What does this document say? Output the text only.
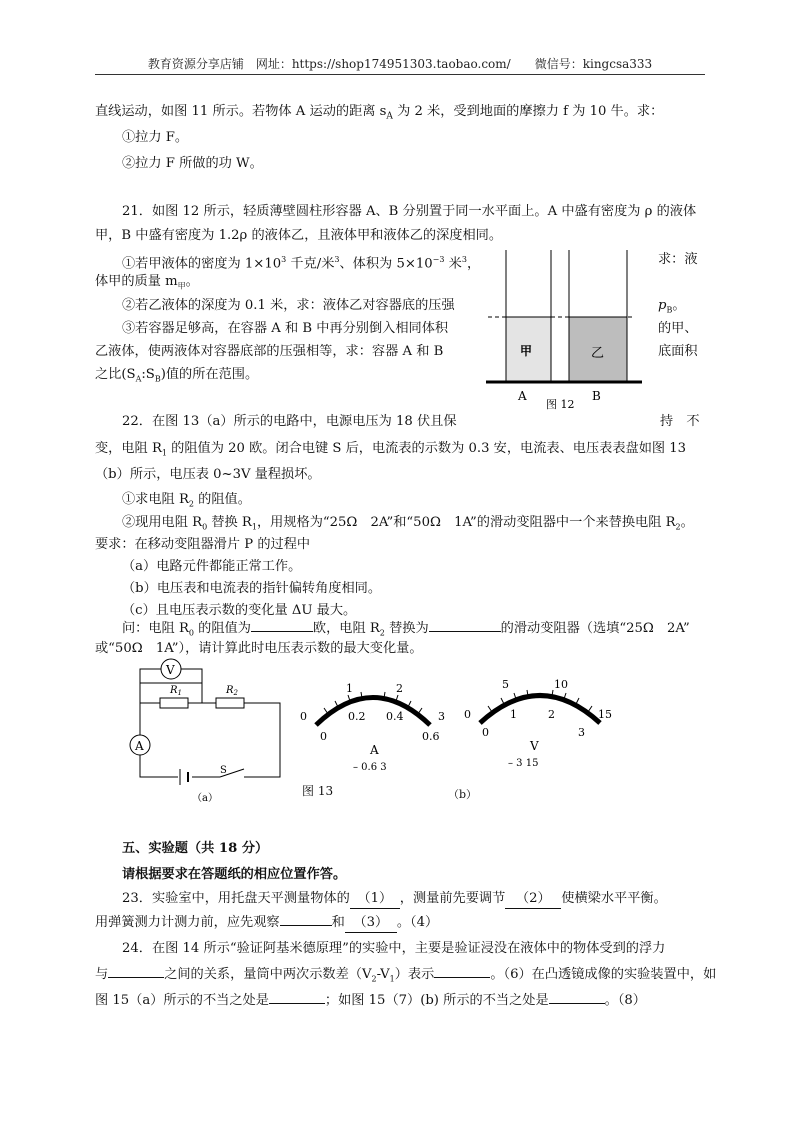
教育资源分享店铺　网址：https://shop174951303.taobao.com/　　微信号：kingcsa333
直线运动，如图 11 所示。若物体 A 运动的距离 $s_A$ 为 2 米，受到地面的摩擦力 f 为 10 牛。求：
①拉力 F。
②拉力 F 所做的功 W。
21．如图 12 所示，轻质薄壁圆柱形容器 A、B 分别置于同一水平面上。A 中盛有密度为 ρ 的液体
甲，B 中盛有密度为 1.2ρ 的液体乙，且液体甲和液体乙的深度相同。
①若甲液体的密度为 $1\times 10^3$ 千克/米$^3$、体积为 $5\times 10^{-3}$ 米$^3$，	求：液
体甲的质量 $m_甲$。
②若乙液体的深度为 0.1 米，求：液体乙对容器底的压强	$p_B$。
③若容器足够高，在容器 A 和 B 中再分别倒入相同体积	的甲、
乙液体，使两液体对容器底部的压强相等，求：容器 A 和 B	底面积
之比$(S_A:S_B)$值的所在范围。
甲	乙
A	B
图 12
22．在图 13（a）所示的电路中，电源电压为 18 伏且保	持　不
变，电阻 $R_1$ 的阻值为 20 欧。闭合电键 S 后，电流表的示数为 0.3 安，电流表、电压表表盘如图 13
（b）所示，电压表 0~3V 量程损坏。
①求电阻 $R_2$ 的阻值。
②现用电阻 $R_0$ 替换 $R_1$，用规格为“25Ω　2A”和“50Ω　1A”的滑动变阻器中一个来替换电阻 $R_2$。
要求：在移动变阻器滑片 P 的过程中
（a）电路元件都能正常工作。
（b）电压表和电流表的指针偏转角度相同。
（c）且电压表示数的变化量 ΔU 最大。
问：电阻 $R_0$ 的阻值为	欧，电阻 $R_2$ 替换为	的滑动变阻器（选填“25Ω　2A”
或“50Ω　1A”），请计算此时电压表示数的最大变化量。
V
$R_1$	$R_2$
A
S
（a）
0
1	2
3
0
0.2 0.4
0.6
A
– 0.6 3
图 13
0
5	10
15
0
1	2
3
V
– 3 15
（b）
五、实验题（共 18 分）
请根据要求在答题纸的相应位置作答。
23．实验室中，用托盘天平测量物体的 （1） ，测量前先要调节 （2） 使横梁水平平衡。
用弹簧测力计测力前，应先观察	和 （3） 。（4）
24．在图 14 所示“验证阿基米德原理”的实验中，主要是验证浸没在液体中的物体受到的浮力
与	之间的关系，量筒中两次示数差$(V_2-V_1)$表示	。（6）在凸透镜成像的实验装置中，如
图 15（a）所示的不当之处是	；如图 15（7）(b) 所示的不当之处是	。（8）
